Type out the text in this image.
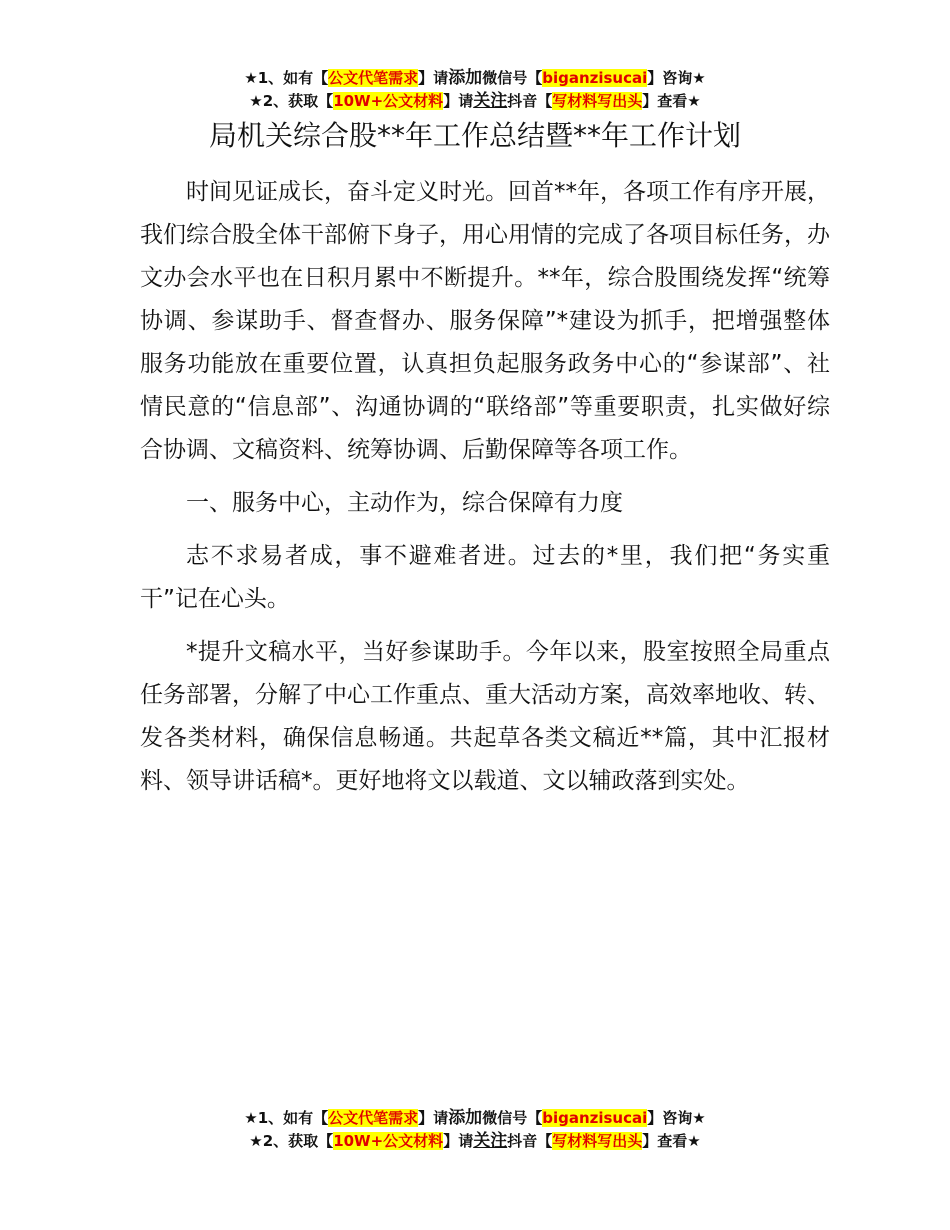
★1、如有【公文代笔需求】请添加微信号【biganzisucai】咨询★
★2、获取【10W+公文材料】请关注抖音【写材料写出头】查看★
局机关综合股**年工作总结暨**年工作计划

时间见证成长，奋斗定义时光。回首**年，各项工作有序开展，我们综合股全体干部俯下身子，用心用情的完成了各项目标任务，办文办会水平也在日积月累中不断提升。**年，综合股围绕发挥“统筹协调、参谋助手、督查督办、服务保障”*建设为抓手，把增强整体服务功能放在重要位置，认真担负起服务政务中心的“参谋部”、社情民意的“信息部”、沟通协调的“联络部”等重要职责，扎实做好综合协调、文稿资料、统筹协调、后勤保障等各项工作。

一、服务中心，主动作为，综合保障有力度

志不求易者成，事不避难者进。过去的*里，我们把“务实重干”记在心头。

*提升文稿水平，当好参谋助手。今年以来，股室按照全局重点任务部署，分解了中心工作重点、重大活动方案，高效率地收、转、发各类材料，确保信息畅通。共起草各类文稿近**篇，其中汇报材料、领导讲话稿*。更好地将文以载道、文以辅政落到实处。

★1、如有【公文代笔需求】请添加微信号【biganzisucai】咨询★
★2、获取【10W+公文材料】请关注抖音【写材料写出头】查看★
